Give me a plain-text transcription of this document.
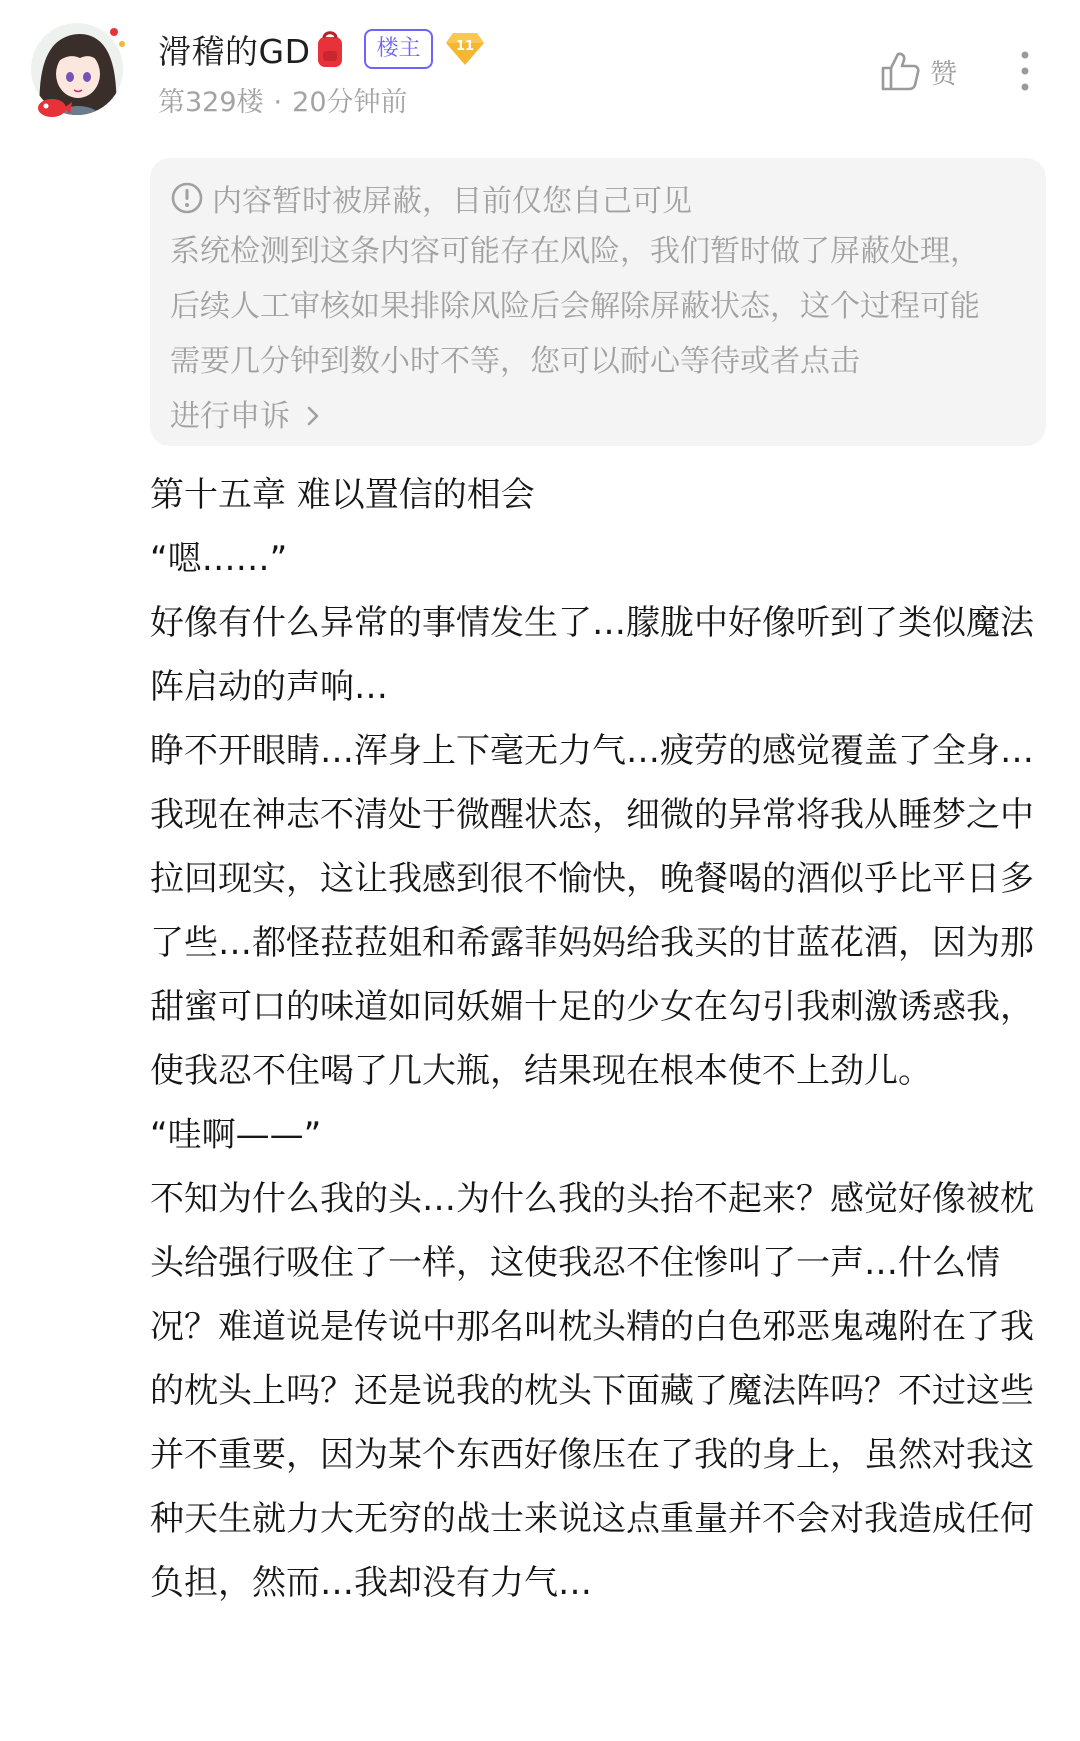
滑稽的GD	楼主	11
第329楼 · 20分钟前
赞
内容暂时被屏蔽，目前仅您自己可见
系统检测到这条内容可能存在风险，我们暂时做了屏蔽处理，后续人工审核如果排除风险后会解除屏蔽状态，这个过程可能需要几分钟到数小时不等，您可以耐心等待或者点击进行申诉

第十五章 难以置信的相会

“嗯……”

好像有什么异常的事情发生了…朦胧中好像听到了类似魔法阵启动的声响…

睁不开眼睛…浑身上下毫无力气…疲劳的感觉覆盖了全身…

我现在神志不清处于微醒状态，细微的异常将我从睡梦之中拉回现实，这让我感到很不愉快，晚餐喝的酒似乎比平日多了些…都怪菈菈姐和希露菲妈妈给我买的甘蓝花酒，因为那甜蜜可口的味道如同妖媚十足的少女在勾引我刺激诱惑我，使我忍不住喝了几大瓶，结果现在根本使不上劲儿。

“哇啊——”

不知为什么我的头…为什么我的头抬不起来？感觉好像被枕头给强行吸住了一样，这使我忍不住惨叫了一声…什么情况？难道说是传说中那名叫枕头精的白色邪恶鬼魂附在了我的枕头上吗？还是说我的枕头下面藏了魔法阵吗？不过这些并不重要，因为某个东西好像压在了我的身上，虽然对我这种天生就力大无穷的战士来说这点重量并不会对我造成任何负担，然而…我却没有力气…
